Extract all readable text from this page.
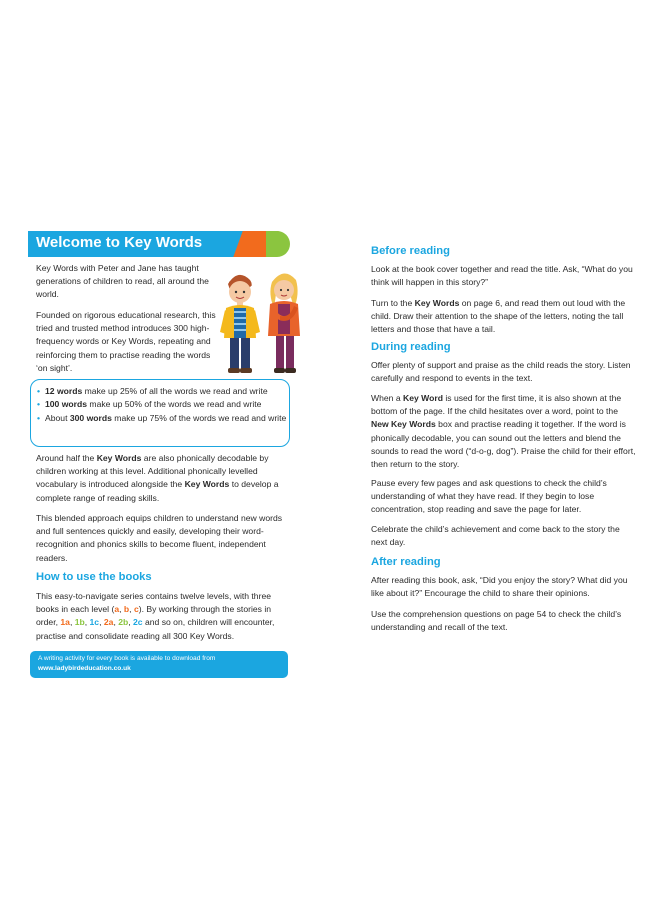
Welcome to Key Words

Key Words with Peter and Jane has taught generations of children to read, all around the world.

Founded on rigorous educational research, this tried and trusted method introduces 300 high-frequency words or Key Words, repeating and reinforcing them to practise reading the words ‘on sight’.

• 12 words make up 25% of all the words we read and write
• 100 words make up 50% of the words we read and write
• About 300 words make up 75% of the words we read and write

Around half the Key Words are also phonically decodable by children working at this level. Additional phonically levelled vocabulary is introduced alongside the Key Words to develop a complete range of reading skills.

This blended approach equips children to understand new words and full sentences quickly and easily, developing their word-recognition and phonics skills to become fluent, independent readers.

How to use the books

This easy-to-navigate series contains twelve levels, with three books in each level (a, b, c). By working through the stories in order, 1a, 1b, 1c, 2a, 2b, 2c and so on, children will encounter, practise and consolidate reading all 300 Key Words.

A writing activity for every book is available to download from
www.ladybirdeducation.co.uk
Before reading

Look at the book cover together and read the title. Ask, “What do you think will happen in this story?”

Turn to the Key Words on page 6, and read them out loud with the child. Draw their attention to the shape of the letters, noting the tall letters and those that have a tail.

During reading

Offer plenty of support and praise as the child reads the story. Listen carefully and respond to events in the text.

When a Key Word is used for the first time, it is also shown at the bottom of the page. If the child hesitates over a word, point to the New Key Words box and practise reading it together. If the word is phonically decodable, you can sound out the letters and blend the sounds to read the word (“d-o-g, dog”). Praise the child for their effort, then return to the story.

Pause every few pages and ask questions to check the child’s understanding of what they have read. If they begin to lose concentration, stop reading and save the page for later.

Celebrate the child’s achievement and come back to the story the next day.

After reading

After reading this book, ask, “Did you enjoy the story? What did you like about it?” Encourage the child to share their opinions.

Use the comprehension questions on page 54 to check the child’s understanding and recall of the text.
